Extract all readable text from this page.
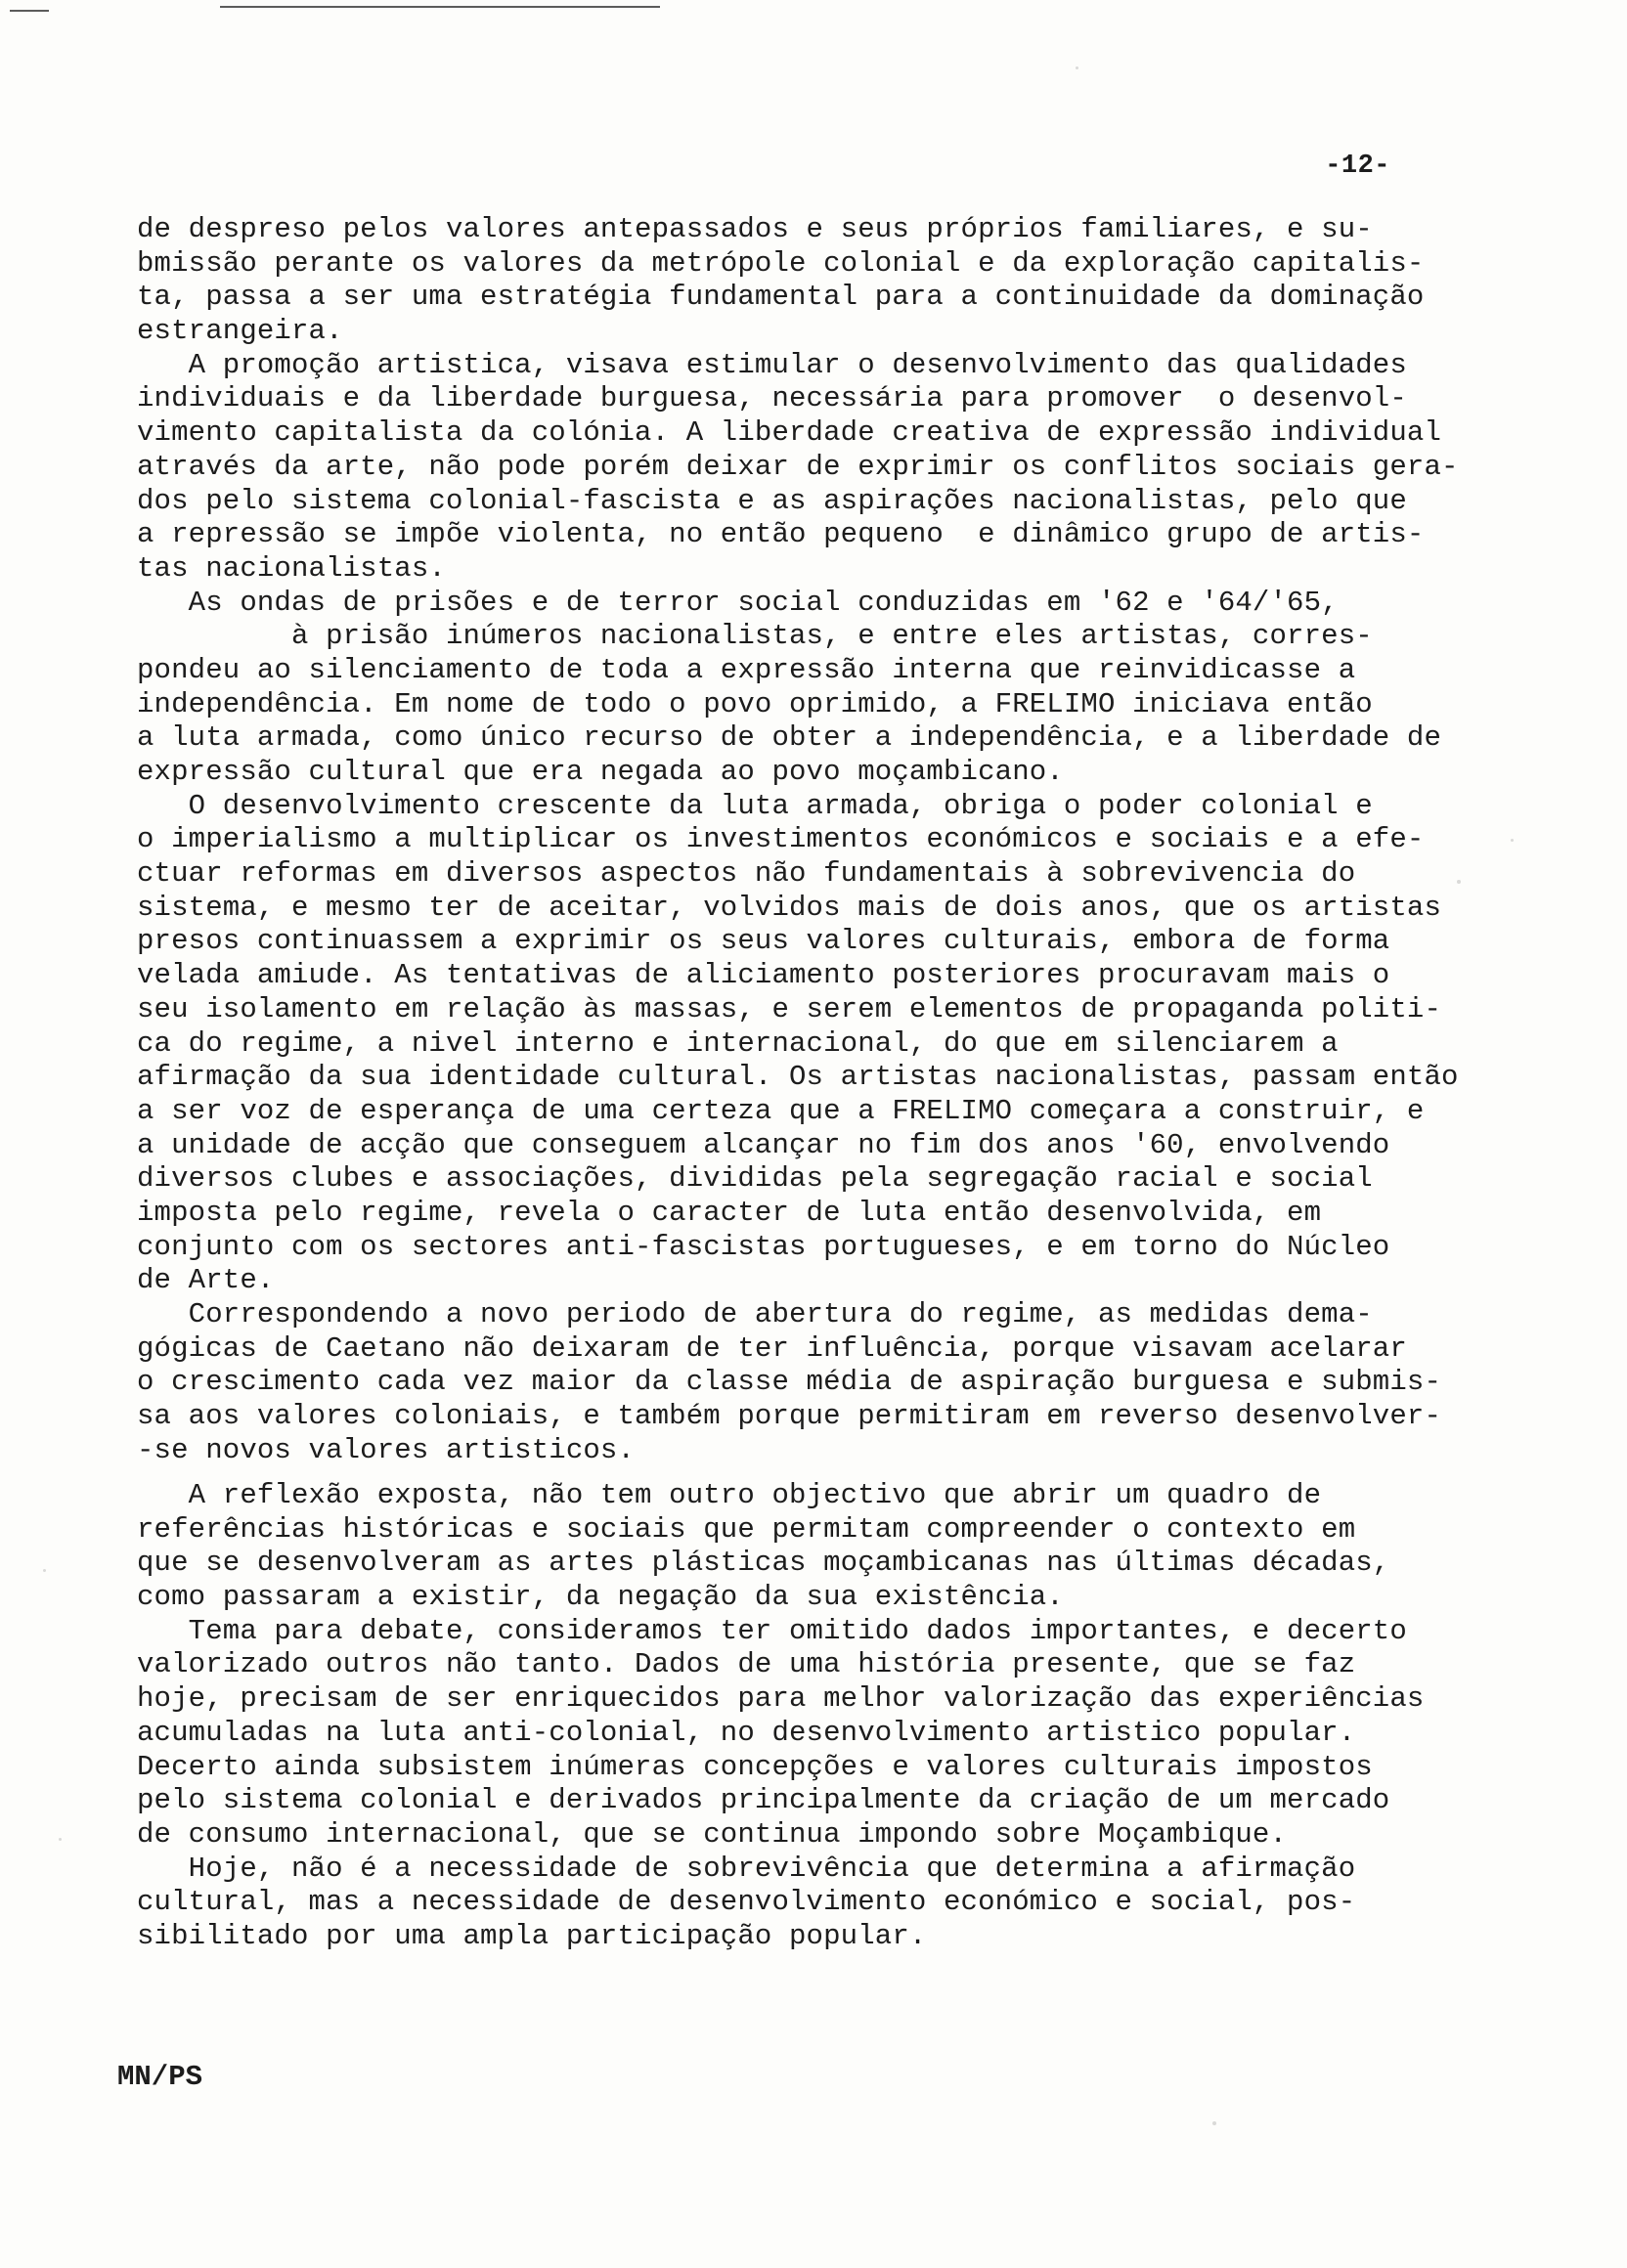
-12-
de despreso pelos valores antepassados e seus próprios familiares, e su-
bmissão perante os valores da metrópole colonial e da exploração capitalis-
ta, passa a ser uma estratégia fundamental para a continuidade da dominação
estrangeira.
A promoção artistica, visava estimular o desenvolvimento das qualidades
individuais e da liberdade burguesa, necessária para promover  o desenvol-
vimento capitalista da colónia. A liberdade creativa de expressão individual
através da arte, não pode porém deixar de exprimir os conflitos sociais gera-
dos pelo sistema colonial-fascista e as aspirações nacionalistas, pelo que
a repressão se impõe violenta, no então pequeno  e dinâmico grupo de artis-
tas nacionalistas.
As ondas de prisões e de terror social conduzidas em '62 e '64/'65,
à prisão inúmeros nacionalistas, e entre eles artistas, corres-
pondeu ao silenciamento de toda a expressão interna que reinvidicasse a
independência. Em nome de todo o povo oprimido, a FRELIMO iniciava então
a luta armada, como único recurso de obter a independência, e a liberdade de
expressão cultural que era negada ao povo moçambicano.
O desenvolvimento crescente da luta armada, obriga o poder colonial e
o imperialismo a multiplicar os investimentos económicos e sociais e a efe-
ctuar reformas em diversos aspectos não fundamentais à sobrevivencia do
sistema, e mesmo ter de aceitar, volvidos mais de dois anos, que os artistas
presos continuassem a exprimir os seus valores culturais, embora de forma
velada amiude. As tentativas de aliciamento posteriores procuravam mais o
seu isolamento em relação às massas, e serem elementos de propaganda politi-
ca do regime, a nivel interno e internacional, do que em silenciarem a
afirmação da sua identidade cultural. Os artistas nacionalistas, passam então
a ser voz de esperança de uma certeza que a FRELIMO começara a construir, e
a unidade de acção que conseguem alcançar no fim dos anos '60, envolvendo
diversos clubes e associações, divididas pela segregação racial e social
imposta pelo regime, revela o caracter de luta então desenvolvida, em
conjunto com os sectores anti-fascistas portugueses, e em torno do Núcleo
de Arte.
Correspondendo a novo periodo de abertura do regime, as medidas dema-
gógicas de Caetano não deixaram de ter influência, porque visavam acelarar
o crescimento cada vez maior da classe média de aspiração burguesa e submis-
sa aos valores coloniais, e também porque permitiram em reverso desenvolver-
-se novos valores artisticos.
A reflexão exposta, não tem outro objectivo que abrir um quadro de
referências históricas e sociais que permitam compreender o contexto em
que se desenvolveram as artes plásticas moçambicanas nas últimas décadas,
como passaram a existir, da negação da sua existência.
Tema para debate, consideramos ter omitido dados importantes, e decerto
valorizado outros não tanto. Dados de uma história presente, que se faz
hoje, precisam de ser enriquecidos para melhor valorização das experiências
acumuladas na luta anti-colonial, no desenvolvimento artistico popular.
Decerto ainda subsistem inúmeras concepções e valores culturais impostos
pelo sistema colonial e derivados principalmente da criação de um mercado
de consumo internacional, que se continua impondo sobre Moçambique.
Hoje, não é a necessidade de sobrevivência que determina a afirmação
cultural, mas a necessidade de desenvolvimento económico e social, pos-
sibilitado por uma ampla participação popular.
MN/PS
